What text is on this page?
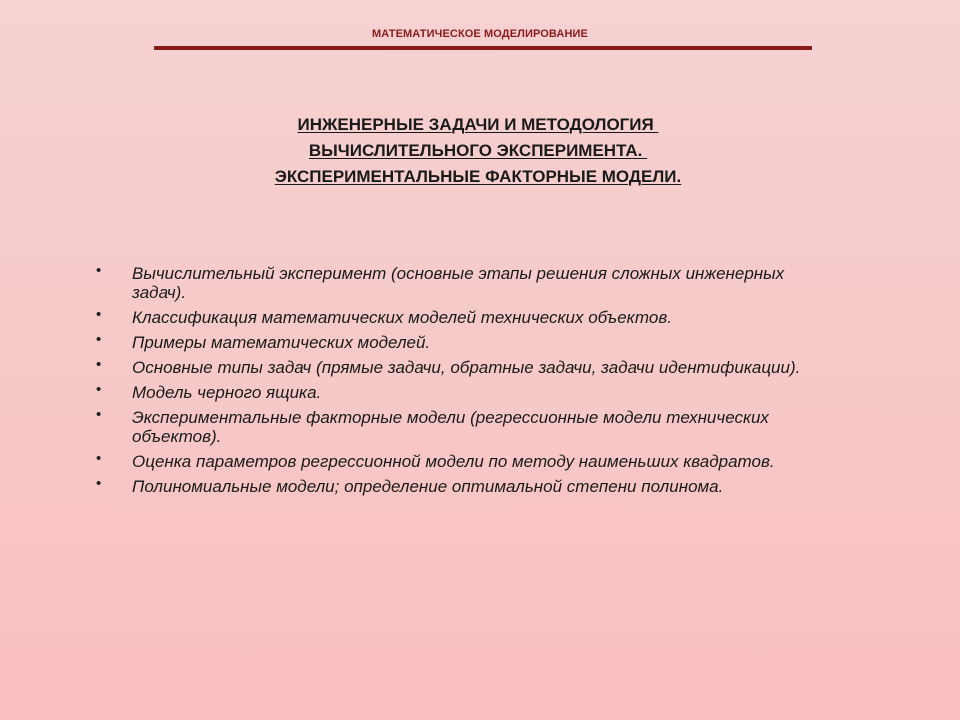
МАТЕМАТИЧЕСКОЕ МОДЕЛИРОВАНИЕ
ИНЖЕНЕРНЫЕ ЗАДАЧИ И МЕТОДОЛОГИЯ
ВЫЧИСЛИТЕЛЬНОГО ЭКСПЕРИМЕНТА.
ЭКСПЕРИМЕНТАЛЬНЫЕ ФАКТОРНЫЕ МОДЕЛИ.
• Вычислительный эксперимент (основные этапы решения сложных инженерных задач).
• Классификация математических моделей технических объектов.
• Примеры математических моделей.
• Основные типы задач (прямые задачи, обратные задачи, задачи идентификации).
• Модель черного ящика.
• Экспериментальные факторные модели (регрессионные модели технических объектов).
• Оценка параметров регрессионной модели по методу наименьших квадратов.
• Полиномиальные модели; определение оптимальной степени полинома.
